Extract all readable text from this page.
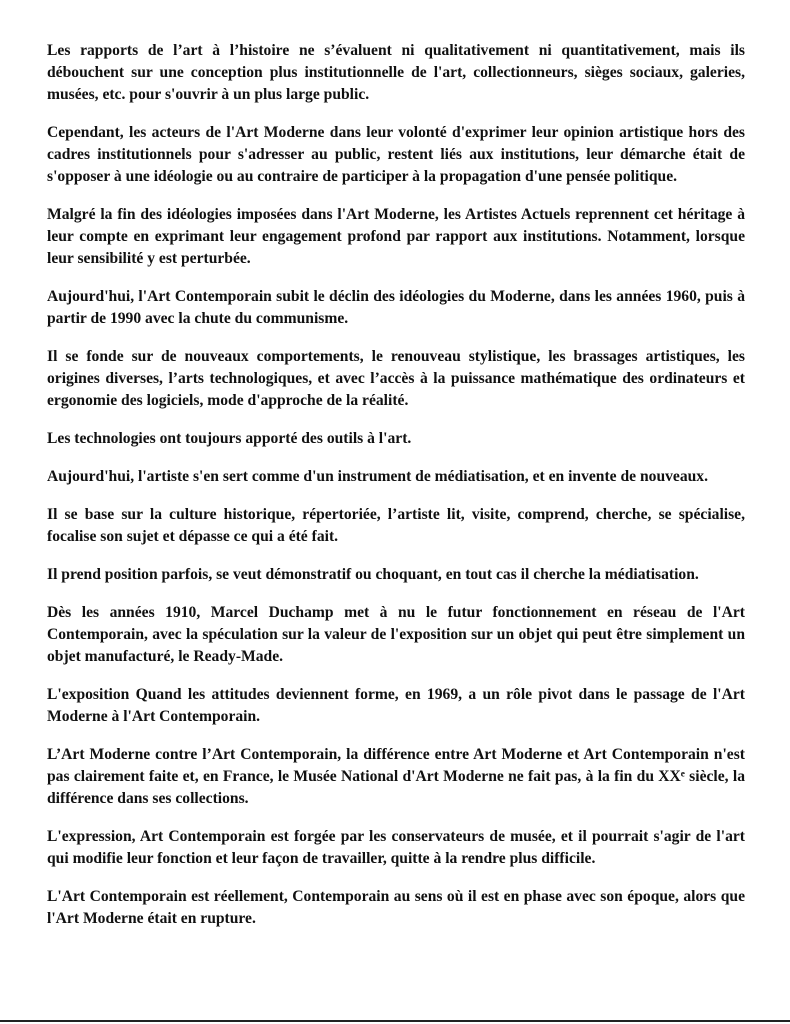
Les rapports de l’art à l’histoire ne s’évaluent ni qualitativement ni quantitativement, mais ils débouchent sur une conception plus institutionnelle de l'art, collectionneurs, sièges sociaux, galeries, musées, etc. pour s'ouvrir à un plus large public.

Cependant, les acteurs de l'Art Moderne dans leur volonté d'exprimer leur opinion artistique hors des cadres institutionnels pour s'adresser au public, restent liés aux institutions, leur démarche était de s'opposer à une idéologie ou au contraire de participer à la propagation d'une pensée politique.

Malgré la fin des idéologies imposées dans l'Art Moderne, les Artistes Actuels reprennent cet héritage à leur compte en exprimant leur engagement profond par rapport aux institutions. Notamment, lorsque leur sensibilité y est perturbée.

Aujourd'hui, l'Art Contemporain subit le déclin des idéologies du Moderne, dans les années 1960, puis à partir de 1990 avec la chute du communisme.

Il se fonde sur de nouveaux comportements, le renouveau stylistique, les brassages artistiques, les origines diverses, l’arts technologiques, et avec l’accès à la puissance mathématique des ordinateurs et ergonomie des logiciels, mode d'approche de la réalité.

Les technologies ont toujours apporté des outils à l'art.

Aujourd'hui, l'artiste s'en sert comme d'un instrument de médiatisation, et en invente de nouveaux.

Il se base sur la culture historique, répertoriée, l’artiste lit, visite, comprend, cherche, se spécialise, focalise son sujet et dépasse ce qui a été fait.

Il prend position parfois, se veut démonstratif ou choquant, en tout cas il cherche la médiatisation.

Dès les années 1910, Marcel Duchamp met à nu le futur fonctionnement en réseau de l'Art Contemporain, avec la spéculation sur la valeur de l'exposition sur un objet qui peut être simplement un objet manufacturé, le Ready-Made.

L'exposition Quand les attitudes deviennent forme, en 1969, a un rôle pivot dans le passage de l'Art Moderne à l'Art Contemporain.

L’Art Moderne contre l’Art Contemporain, la différence entre Art Moderne et Art Contemporain n'est pas clairement faite et, en France, le Musée National d'Art Moderne ne fait pas, à la fin du XXᵉ siècle, la différence dans ses collections.

L'expression, Art Contemporain est forgée par les conservateurs de musée, et il pourrait s'agir de l'art qui modifie leur fonction et leur façon de travailler, quitte à la rendre plus difficile.

L'Art Contemporain est réellement, Contemporain au sens où il est en phase avec son époque, alors que l'Art Moderne était en rupture.
